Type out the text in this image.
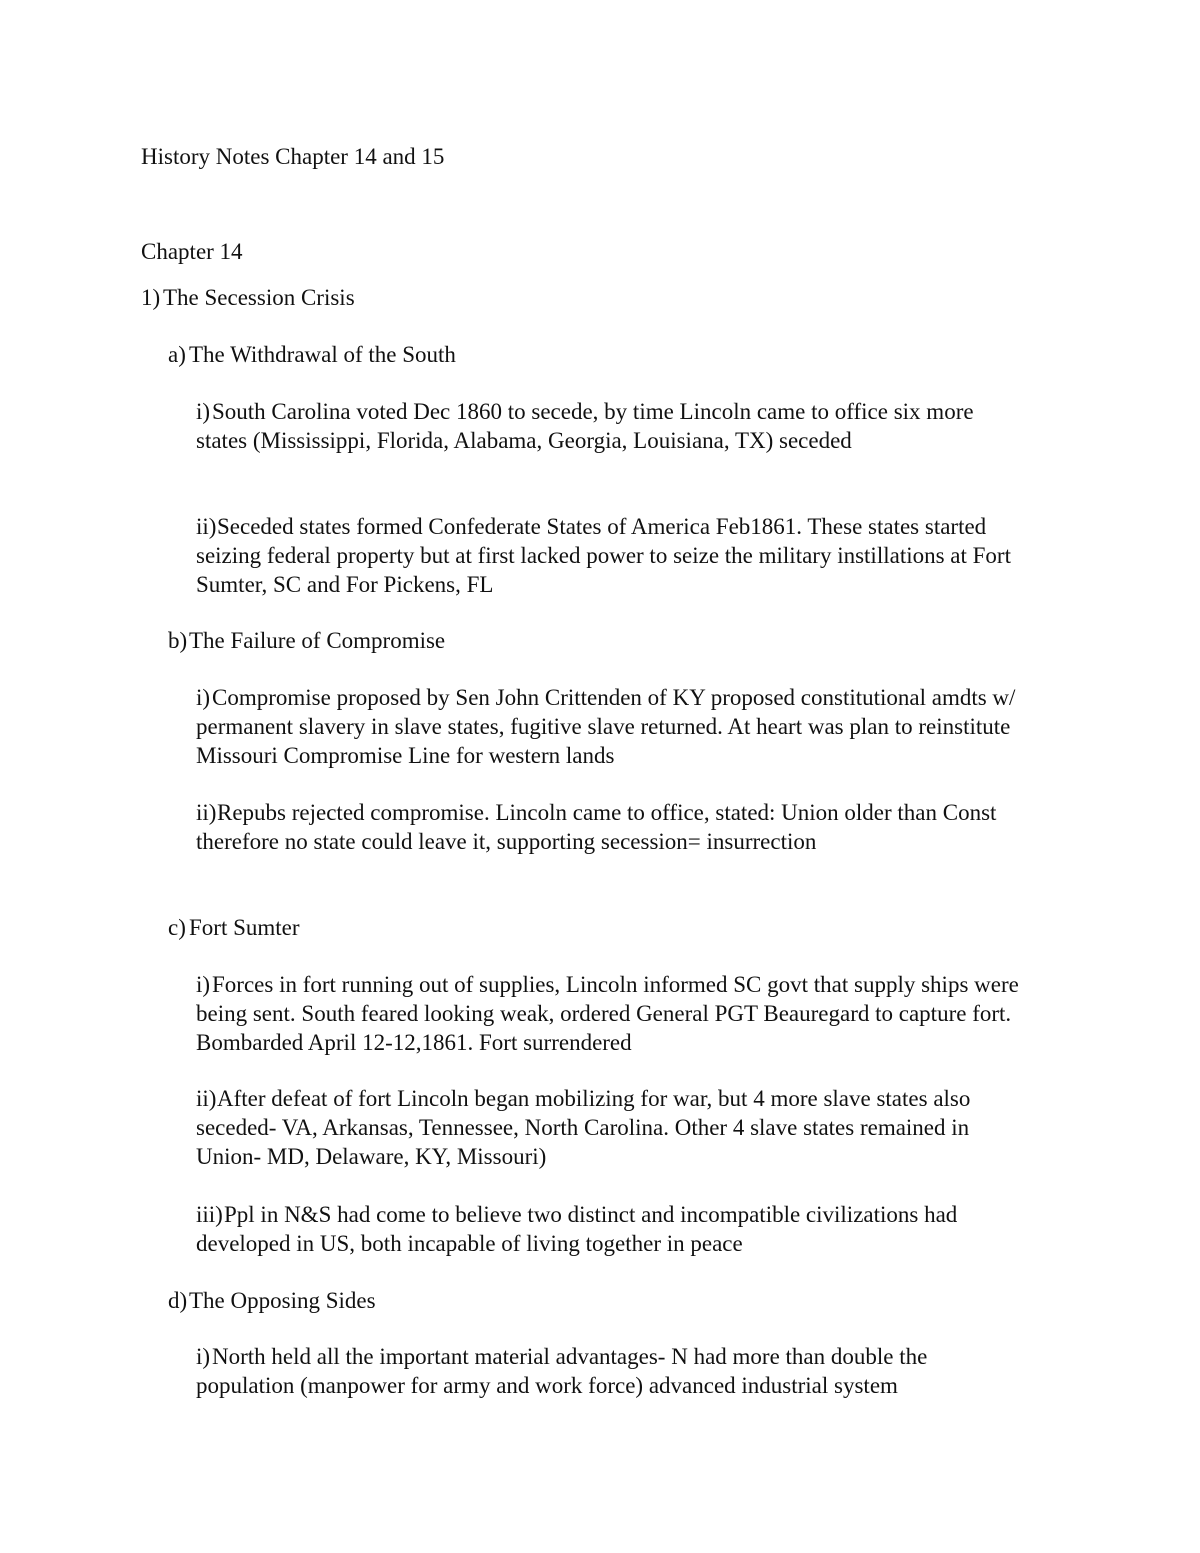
History Notes Chapter 14 and 15
Chapter 14
1) The Secession Crisis
a) The Withdrawal of the South
i) South Carolina voted Dec 1860 to secede, by time Lincoln came to office six more states (Mississippi, Florida, Alabama, Georgia, Louisiana, TX) seceded
ii) Seceded states formed Confederate States of America Feb1861. These states started seizing federal property but at first lacked power to seize the military instillations at Fort Sumter, SC and For Pickens, FL
b) The Failure of Compromise
i) Compromise proposed by Sen John Crittenden of KY proposed constitutional amdts w/ permanent slavery in slave states, fugitive slave returned. At heart was plan to reinstitute Missouri Compromise Line for western lands
ii) Repubs rejected compromise. Lincoln came to office, stated: Union older than Const therefore no state could leave it, supporting secession= insurrection
c) Fort Sumter
i) Forces in fort running out of supplies, Lincoln informed SC govt that supply ships were being sent. South feared looking weak, ordered General PGT Beauregard to capture fort. Bombarded April 12-12,1861. Fort surrendered
ii) After defeat of fort Lincoln began mobilizing for war, but 4 more slave states also seceded- VA, Arkansas, Tennessee, North Carolina. Other 4 slave states remained in Union- MD, Delaware, KY, Missouri)
iii) Ppl in N&S had come to believe two distinct and incompatible civilizations had developed in US, both incapable of living together in peace
d) The Opposing Sides
i) North held all the important material advantages- N had more than double the population (manpower for army and work force) advanced industrial system
